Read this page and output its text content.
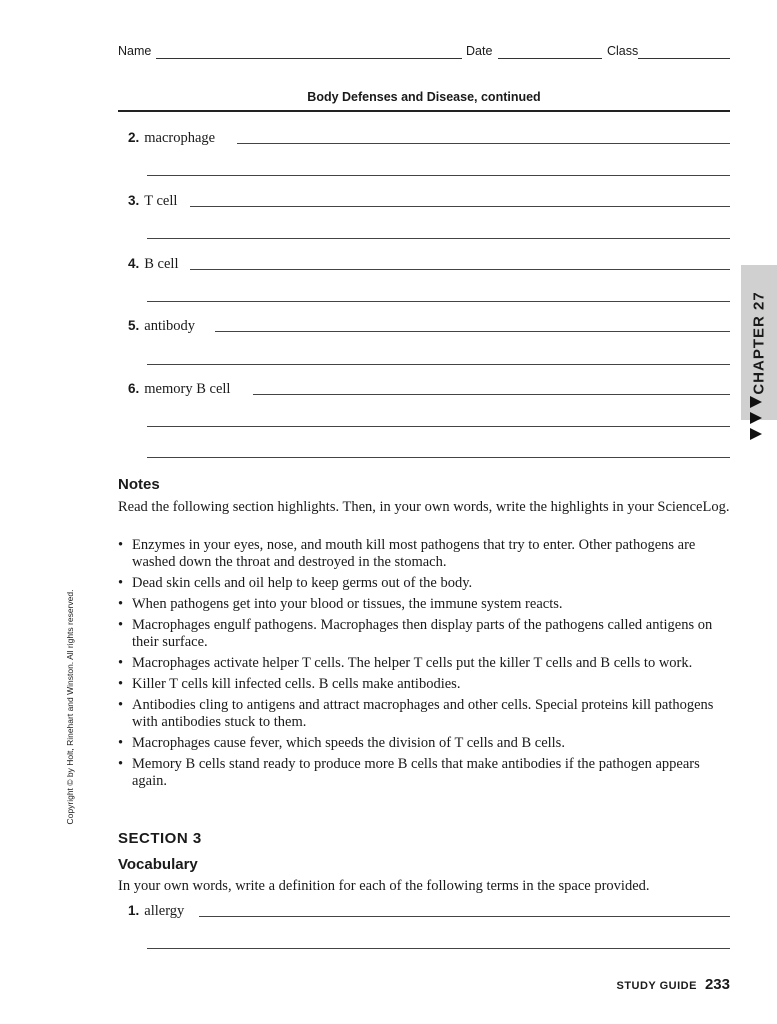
Name	Date	Class
Body Defenses and Disease, continued
2. macrophage
3. T cell
4. B cell
5. antibody
6. memory B cell	CHAPTER 27
Notes
Read the following section highlights. Then, in your own words, write the highlights in your ScienceLog.
• Enzymes in your eyes, nose, and mouth kill most pathogens that try to enter. Other pathogens are washed down the throat and destroyed in the stomach.
• Dead skin cells and oil help to keep germs out of the body.
• When pathogens get into your blood or tissues, the immune system reacts.
• Macrophages engulf pathogens. Macrophages then display parts of the pathogens called antigens on their surface.
• Macrophages activate helper T cells. The helper T cells put the killer T cells and B cells to work.
• Killer T cells kill infected cells. B cells make antibodies.
• Antibodies cling to antigens and attract macrophages and other cells. Special proteins kill pathogens with antibodies stuck to them.
• Macrophages cause fever, which speeds the division of T cells and B cells.
• Memory B cells stand ready to produce more B cells that make antibodies if the pathogen appears again.
SECTION 3
Vocabulary
In your own words, write a definition for each of the following terms in the space provided.
1. allergy
Copyright © by Holt, Rinehart and Winston. All rights reserved.
STUDY GUIDE 233
